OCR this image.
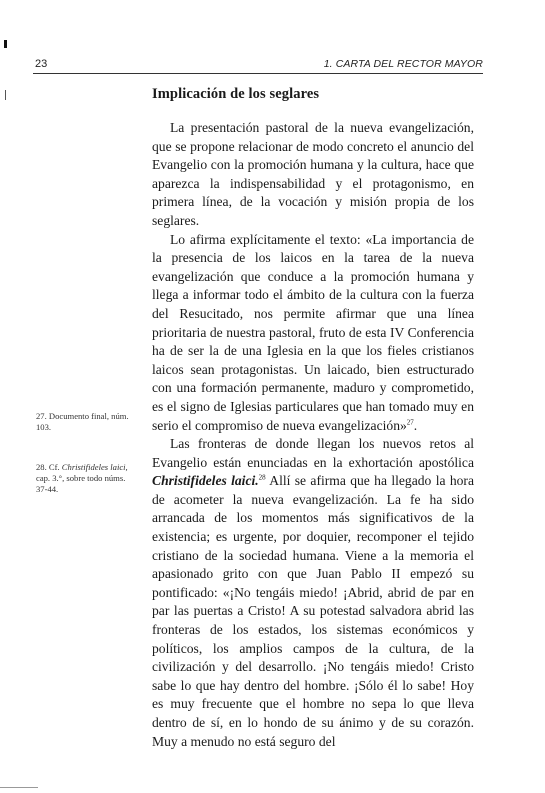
23	1. CARTA DEL RECTOR MAYOR
Implicación de los seglares

La presentación pastoral de la nueva evangelización, que se propone relacionar de modo concreto el anuncio del Evangelio con la promoción humana y la cultura, hace que aparezca la indispensabilidad y el protagonismo, en primera línea, de la vocación y misión propia de los seglares.

Lo afirma explícitamente el texto: «La importancia de la presencia de los laicos en la tarea de la nueva evangelización que conduce a la promoción humana y llega a informar todo el ámbito de la cultura con la fuerza del Resucitado, nos permite afirmar que una línea prioritaria de nuestra pastoral, fruto de esta IV Conferencia ha de ser la de una Iglesia en la que los fieles cristianos laicos sean protagonistas. Un laicado, bien estructurado con una formación permanente, maduro y comprometido, es el signo de Iglesias particulares que han tomado muy en serio el compromiso de nueva evangelización»$^{27}$.

Las fronteras de donde llegan los nuevos retos al Evangelio están enunciadas en la exhortación apostólica Christifideles laici.$^{28}$ Allí se afirma que ha llegado la hora de acometer la nueva evangelización. La fe ha sido arrancada de los momentos más significativos de la existencia; es urgente, por doquier, recomponer el tejido cristiano de la sociedad humana. Viene a la memoria el apasionado grito con que Juan Pablo II empezó su pontificado: «¡No tengáis miedo! ¡Abrid, abrid de par en par las puertas a Cristo! A su potestad salvadora abrid las fronteras de los estados, los sistemas económicos y políticos, los amplios campos de la cultura, de la civilización y del desarrollo. ¡No tengáis miedo! Cristo sabe lo que hay dentro del hombre. ¡Sólo él lo sabe! Hoy es muy frecuente que el hombre no sepa lo que lleva dentro de sí, en lo hondo de su ánimo y de su corazón. Muy a menudo no está seguro del

27. Documento final, núm. 103.
28. Cf. Christifideles laici, cap. 3.°, sobre todo núms. 37-44.
